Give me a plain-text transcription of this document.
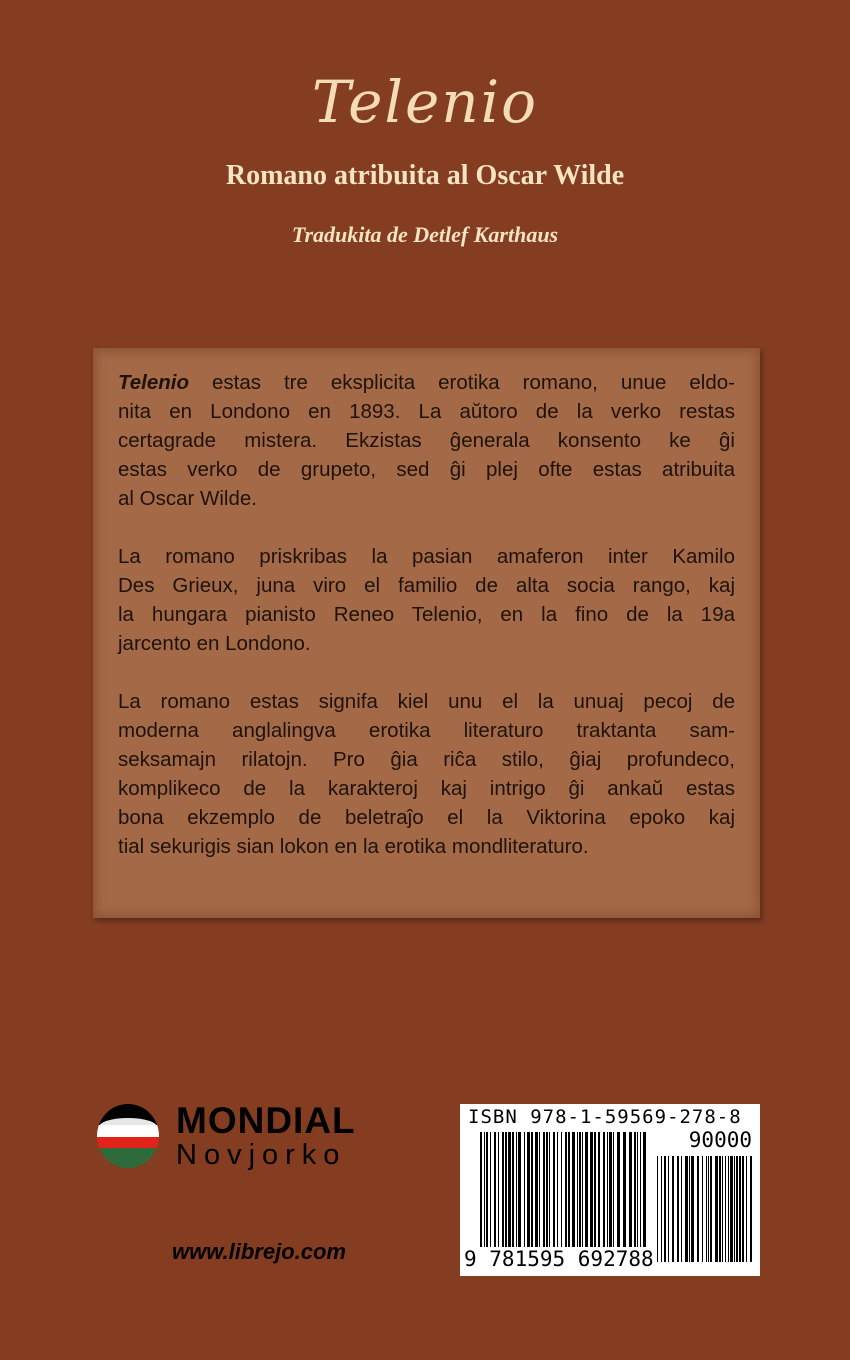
Telenio
Romano atribuita al Oscar Wilde
Tradukita de Detlef Karthaus
Telenio estas tre eksplicita erotika romano, unue eldo-
nita en Londono en 1893. La aŭtoro de la verko restas
certagrade mistera. Ekzistas ĝenerala konsento ke ĝi
estas verko de grupeto, sed ĝi plej ofte estas atribuita
al Oscar Wilde.
La romano priskribas la pasian amaferon inter Kamilo
Des Grieux, juna viro el familio de alta socia rango, kaj
la hungara pianisto Reneo Telenio, en la fino de la 19a
jarcento en Londono.
La romano estas signifa kiel unu el la unuaj pecoj de
moderna anglalingva erotika literaturo traktanta sam-
seksamajn rilatojn. Pro ĝia riĉa stilo, ĝiaj profundeco,
komplikeco de la karakteroj kaj intrigo ĝi ankaŭ estas
bona ekzemplo de beletraĵo el la Viktorina epoko kaj
tial sekurigis sian lokon en la erotika mondliteraturo.
MONDIAL
Novjorko
www.librejo.com
ISBN 978-1-59569-278-8
90000
9 781595 692788
